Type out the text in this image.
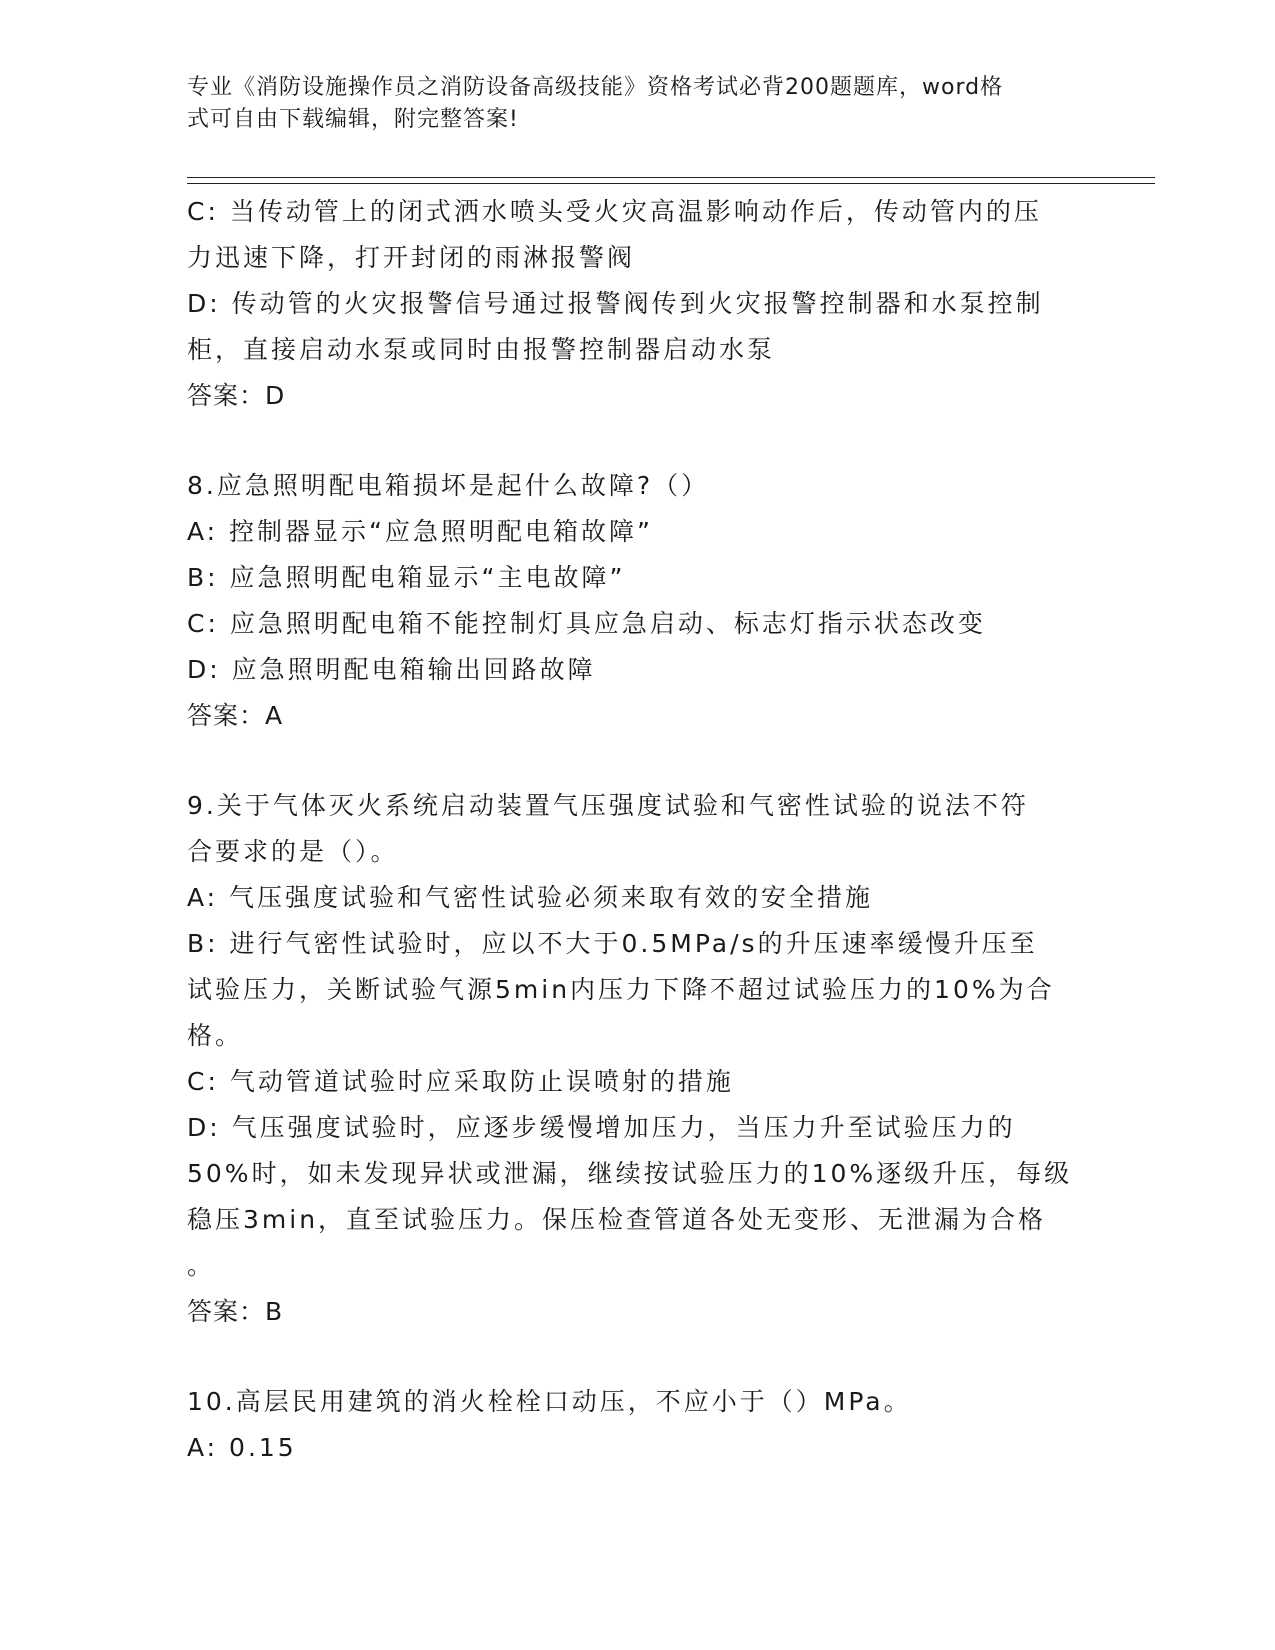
专业《消防设施操作员之消防设备高级技能》资格考试必背200题题库，word格
式可自由下载编辑，附完整答案!
C: 当传动管上的闭式洒水喷头受火灾高温影响动作后，传动管内的压
力迅速下降，打开封闭的雨淋报警阀
D: 传动管的火灾报警信号通过报警阀传到火灾报警控制器和水泵控制
柜，直接启动水泵或同时由报警控制器启动水泵
答案：D
8.应急照明配电箱损坏是起什么故障?（）
A: 控制器显示“应急照明配电箱故障”
B: 应急照明配电箱显示“主电故障”
C: 应急照明配电箱不能控制灯具应急启动、标志灯指示状态改变
D: 应急照明配电箱输出回路故障
答案：A
9.关于气体灭火系统启动装置气压强度试验和气密性试验的说法不符
合要求的是（）。
A: 气压强度试验和气密性试验必须来取有效的安全措施
B: 进行气密性试验时，应以不大于0.5MPa/s的升压速率缓慢升压至
试验压力，关断试验气源5min内压力下降不超过试验压力的10%为合
格。
C: 气动管道试验时应采取防止误喷射的措施
D: 气压强度试验时，应逐步缓慢增加压力，当压力升至试验压力的
50%时，如未发现异状或泄漏，继续按试验压力的10%逐级升压，每级
稳压3min，直至试验压力。保压检查管道各处无变形、无泄漏为合格
。
答案：B
10.高层民用建筑的消火栓栓口动压，不应小于（）MPa。
A: 0.15
